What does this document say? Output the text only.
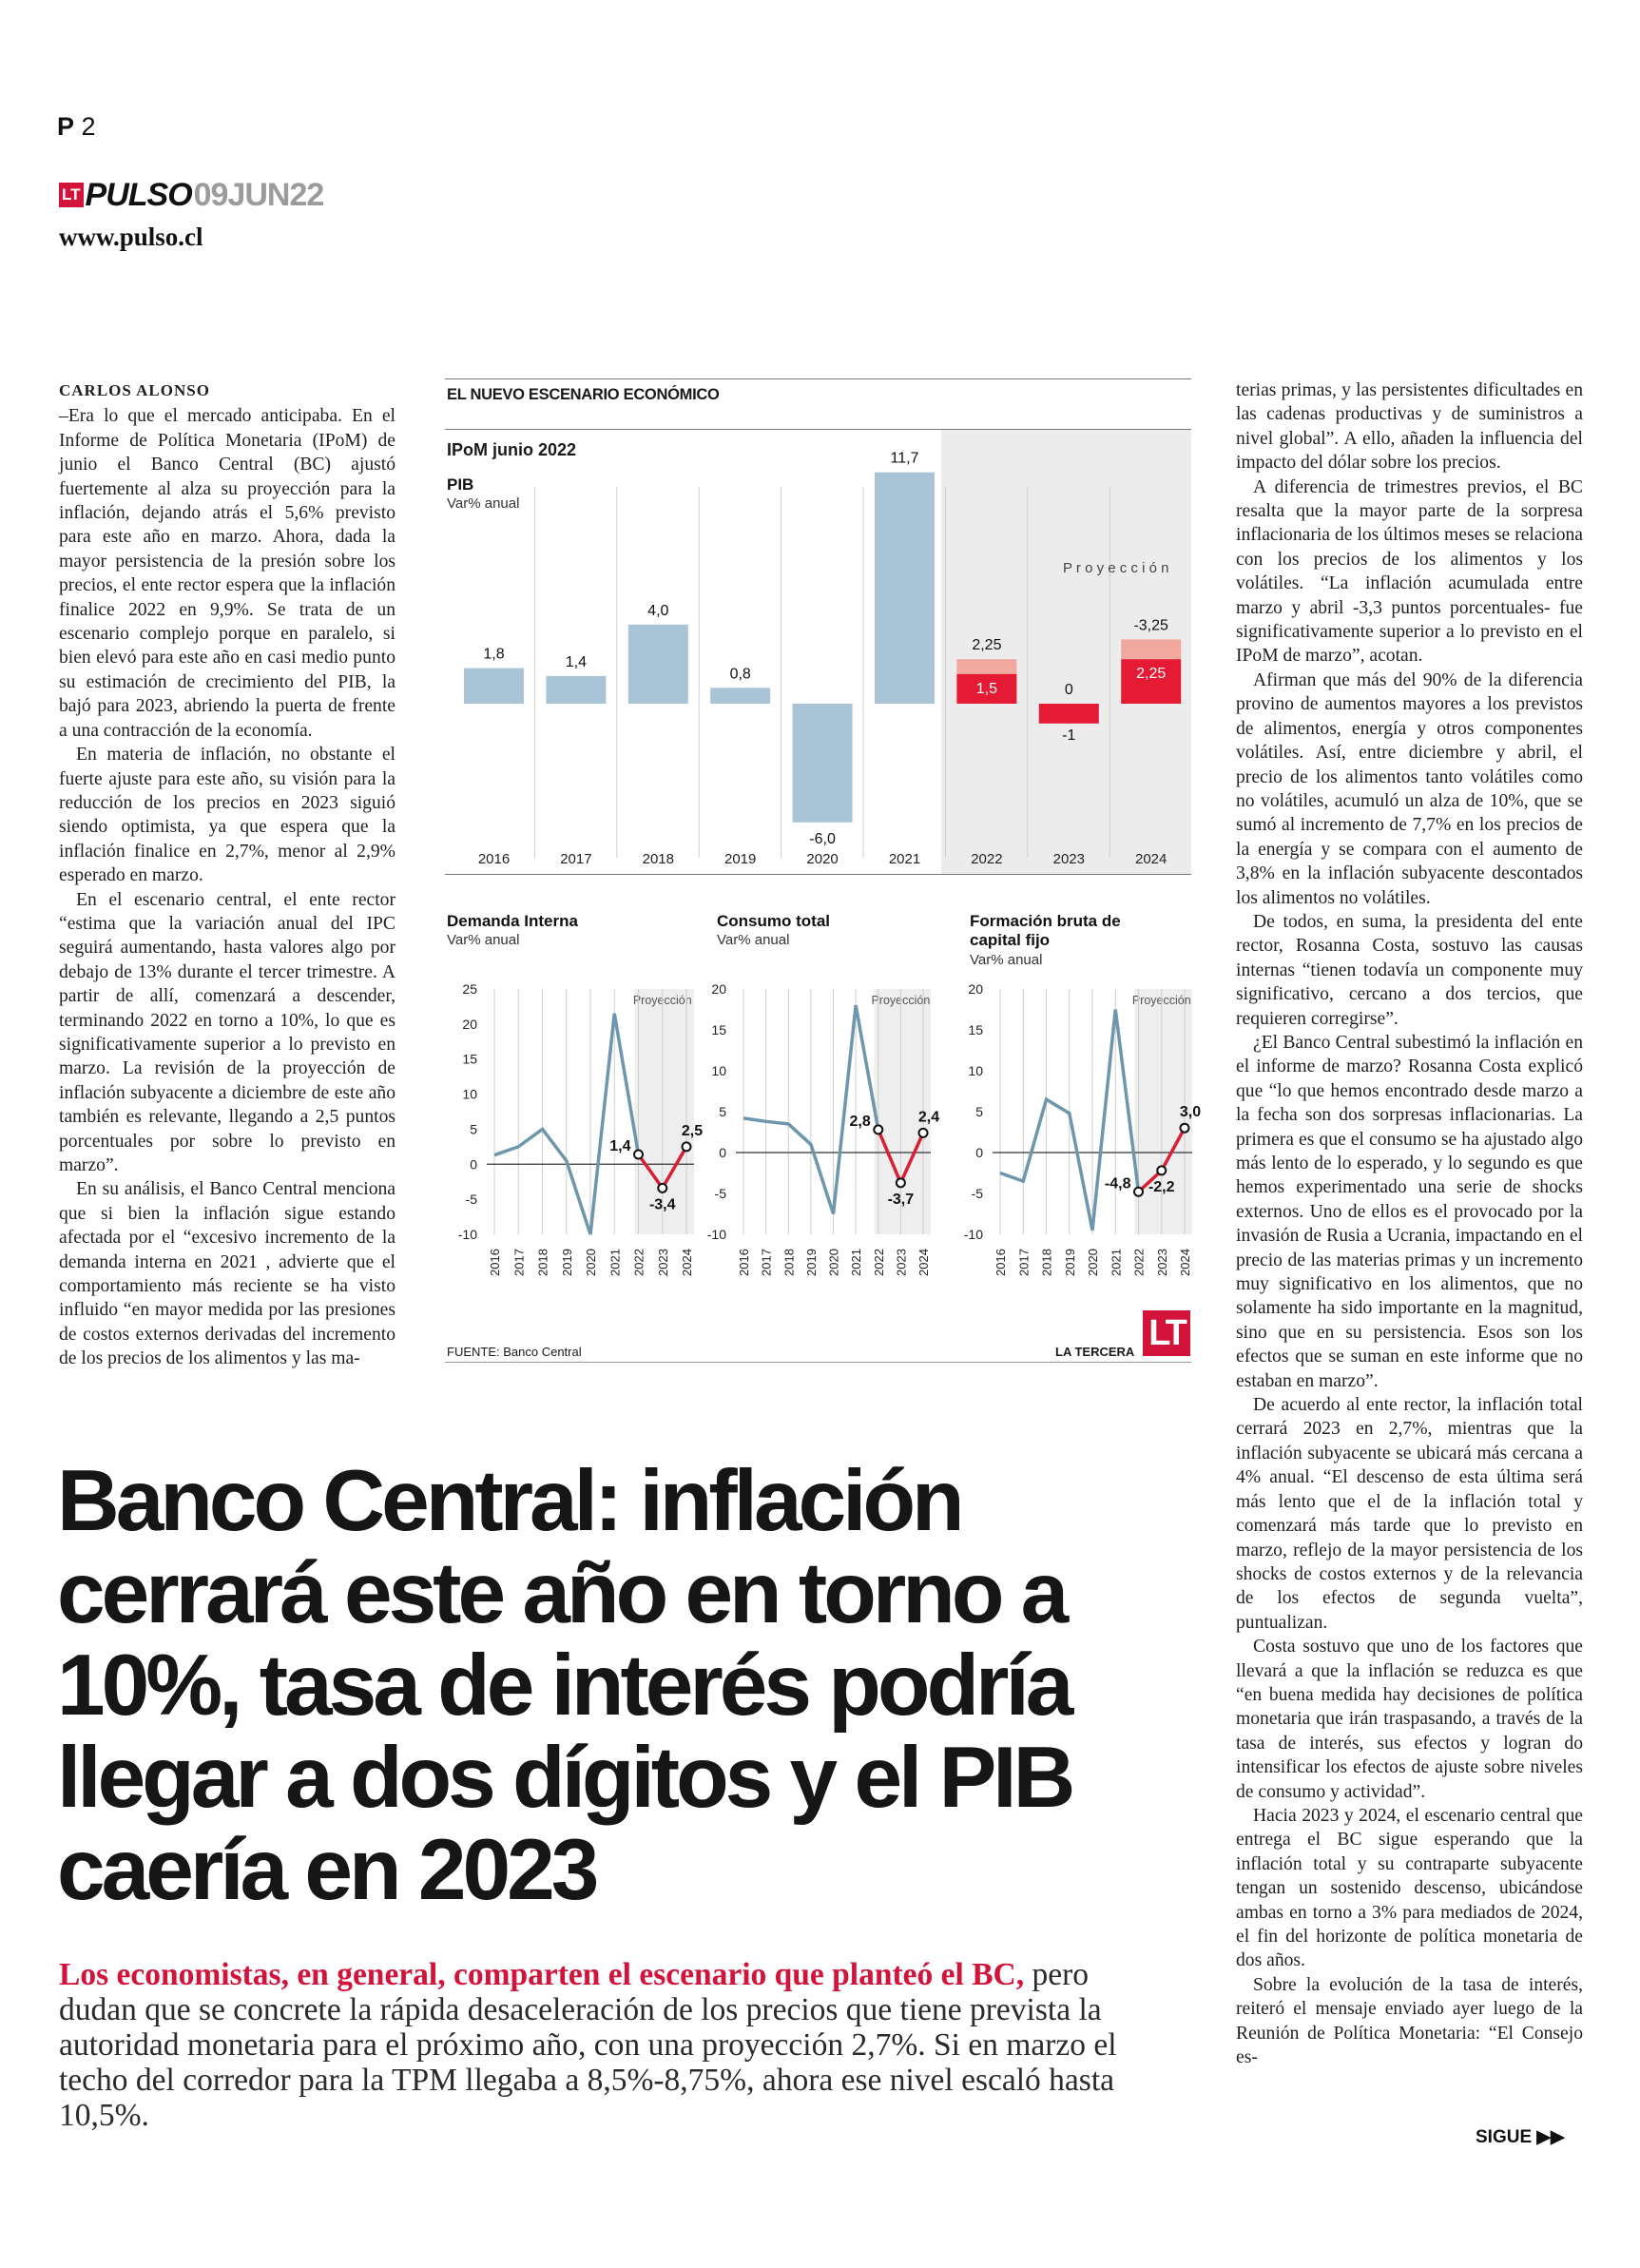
P 2
LT PULSO 09JUN22
www.pulso.cl
CARLOS ALONSO

–Era lo que el mercado anticipaba. En el Informe de Política Monetaria (IPoM) de junio el Banco Central (BC) ajustó fuertemente al alza su proyección para la inflación, dejando atrás el 5,6% previsto para este año en marzo. Ahora, dada la mayor persistencia de la presión sobre los precios, el ente rector espera que la inflación finalice 2022 en 9,9%. Se trata de un escenario complejo porque en paralelo, si bien elevó para este año en casi medio punto su estimación de crecimiento del PIB, la bajó para 2023, abriendo la puerta de frente a una contracción de la economía.

En materia de inflación, no obstante el fuerte ajuste para este año, su visión para la reducción de los precios en 2023 siguió siendo optimista, ya que espera que la inflación finalice en 2,7%, menor al 2,9% esperado en marzo.

En el escenario central, el ente rector “estima que la variación anual del IPC seguirá aumentando, hasta valores algo por debajo de 13% durante el tercer trimestre. A partir de allí, comenzará a descender, terminando 2022 en torno a 10%, lo que es significativamente superior a lo previsto en marzo. La revisión de la proyección de inflación subyacente a diciembre de este año también es relevante, llegando a 2,5 puntos porcentuales por sobre lo previsto en marzo”.

En su análisis, el Banco Central menciona que si bien la inflación sigue estando afectada por el “excesivo incremento de la demanda interna en 2021 , advierte que el comportamiento más reciente se ha visto influido “en mayor medida por las presiones de costos externos derivadas del incremento de los precios de los alimentos y las ma-

terias primas, y las persistentes dificultades en las cadenas productivas y de suministros a nivel global”. A ello, añaden la influencia del impacto del dólar sobre los precios.

A diferencia de trimestres previos, el BC resalta que la mayor parte de la sorpresa inflacionaria de los últimos meses se relaciona con los precios de los alimentos y los volátiles. “La inflación acumulada entre marzo y abril -3,3 puntos porcentuales- fue significativamente superior a lo previsto en el IPoM de marzo”, acotan.

Afirman que más del 90% de la diferencia provino de aumentos mayores a los previstos de alimentos, energía y otros componentes volátiles. Así, entre diciembre y abril, el precio de los alimentos tanto volátiles como no volátiles, acumuló un alza de 10%, que se sumó al incremento de 7,7% en los precios de la energía y se compara con el aumento de 3,8% en la inflación subyacente descontados los alimentos no volátiles.

De todos, en suma, la presidenta del ente rector, Rosanna Costa, sostuvo las causas internas “tienen todavía un componente muy significativo, cercano a dos tercios, que requieren corregirse”.

¿El Banco Central subestimó la inflación en el informe de marzo? Rosanna Costa explicó que “lo que hemos encontrado desde marzo a la fecha son dos sorpresas inflacionarias. La primera es que el consumo se ha ajustado algo más lento de lo esperado, y lo segundo es que hemos experimentado una serie de shocks externos. Uno de ellos es el provocado por la invasión de Rusia a Ucrania, impactando en el precio de las materias primas y un incremento muy significativo en los alimentos, que no solamente ha sido importante en la magnitud, sino que en su persistencia. Esos son los efectos que se suman en este informe que no estaban en marzo”.

De acuerdo al ente rector, la inflación total cerrará 2023 en 2,7%, mientras que la inflación subyacente se ubicará más cercana a 4% anual. “El descenso de esta última será más lento que el de la inflación total y comenzará más tarde que lo previsto en marzo, reflejo de la mayor persistencia de los shocks de costos externos y de la relevancia de los efectos de segunda vuelta”, puntualizan.

Costa sostuvo que uno de los factores que llevará a que la inflación se reduzca es que “en buena medida hay decisiones de política monetaria que irán traspasando, a través de la tasa de interés, sus efectos y logran do intensificar los efectos de ajuste sobre niveles de consumo y actividad”.

Hacia 2023 y 2024, el escenario central que entrega el BC sigue esperando que la inflación total y su contraparte subyacente tengan un sostenido descenso, ubicándose ambas en torno a 3% para mediados de 2024, el fin del horizonte de política monetaria de dos años.

Sobre la evolución de la tasa de interés, reiteró el mensaje enviado ayer luego de la Reunión de Política Monetaria: “El Consejo es-

SIGUE ▶▶
EL NUEVO ESCENARIO ECONÓMICO
IPoM junio 2022
PIB
Var% anual
P r o y e c c i ó n
1,8	1,4
4,0
0,8
-6,0
11,7
2,25
1,5	0
-1
-3,25
2,25
2016	2017	2018	2019	2020	2021	2022	2023	2024
Demanda Interna
Var% anual
Proyección
25
20
15
10
5
0
-5
-10
1,4
-3,4
2,5
2016 2017 2018 2019 2020 2021 2022 2023 2024
Consumo total
Var% anual
Proyección
20
15
10
5
0
-5
-10
2,8
-3,7
2,4
2016 2017 2018 2019 2020 2021 2022 2023 2024
Formación bruta de capital fijo
Var% anual
Proyección
20
15
10
5
0
-5
-10
-4,8 -2,2
3,0
2016 2017 2018 2019 2020 2021 2022 2023 2024
FUENTE: Banco Central	LA TERCERA LT
Banco Central: inflación cerrará este año en torno a 10%, tasa de interés podría llegar a dos dígitos y el PIB caería en 2023
Los economistas, en general, comparten el escenario que planteó el BC, pero dudan que se concrete la rápida desaceleración de los precios que tiene prevista la autoridad monetaria para el próximo año, con una proyección 2,7%. Si en marzo el techo del corredor para la TPM llegaba a 8,5%-8,75%, ahora ese nivel escaló hasta 10,5%.
